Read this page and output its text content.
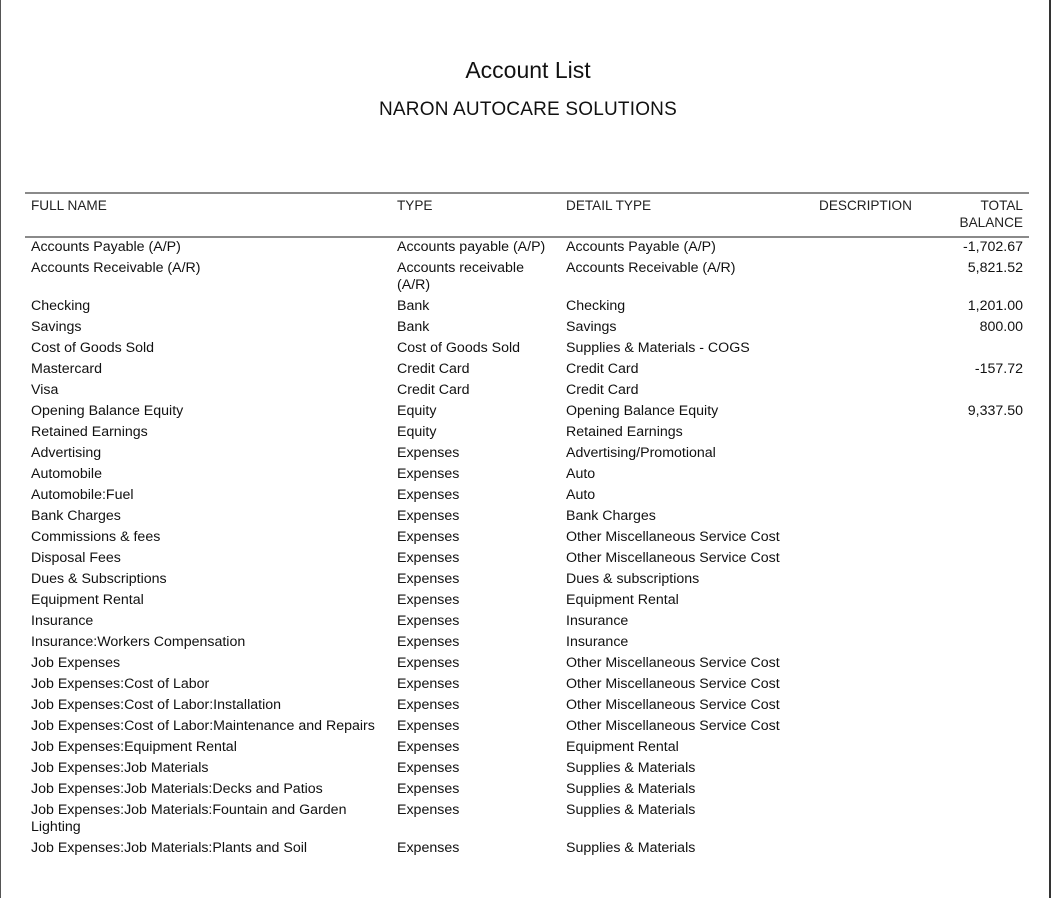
Account List
NARON AUTOCARE SOLUTIONS
FULL NAME	TYPE	DETAIL TYPE	DESCRIPTION	TOTAL BALANCE
Accounts Payable (A/P)	Accounts payable (A/P)	Accounts Payable (A/P)		-1,702.67
Accounts Receivable (A/R)	Accounts receivable (A/R)	Accounts Receivable (A/R)		5,821.52
Checking	Bank	Checking		1,201.00
Savings	Bank	Savings		800.00
Cost of Goods Sold	Cost of Goods Sold	Supplies & Materials - COGS		
Mastercard	Credit Card	Credit Card		-157.72
Visa	Credit Card	Credit Card		
Opening Balance Equity	Equity	Opening Balance Equity		9,337.50
Retained Earnings	Equity	Retained Earnings		
Advertising	Expenses	Advertising/Promotional		
Automobile	Expenses	Auto		
Automobile:Fuel	Expenses	Auto		
Bank Charges	Expenses	Bank Charges		
Commissions & fees	Expenses	Other Miscellaneous Service Cost		
Disposal Fees	Expenses	Other Miscellaneous Service Cost		
Dues & Subscriptions	Expenses	Dues & subscriptions		
Equipment Rental	Expenses	Equipment Rental		
Insurance	Expenses	Insurance		
Insurance:Workers Compensation	Expenses	Insurance		
Job Expenses	Expenses	Other Miscellaneous Service Cost		
Job Expenses:Cost of Labor	Expenses	Other Miscellaneous Service Cost		
Job Expenses:Cost of Labor:Installation	Expenses	Other Miscellaneous Service Cost		
Job Expenses:Cost of Labor:Maintenance and Repairs	Expenses	Other Miscellaneous Service Cost		
Job Expenses:Equipment Rental	Expenses	Equipment Rental		
Job Expenses:Job Materials	Expenses	Supplies & Materials		
Job Expenses:Job Materials:Decks and Patios	Expenses	Supplies & Materials		
Job Expenses:Job Materials:Fountain and Garden Lighting	Expenses	Supplies & Materials		
Job Expenses:Job Materials:Plants and Soil	Expenses	Supplies & Materials		
